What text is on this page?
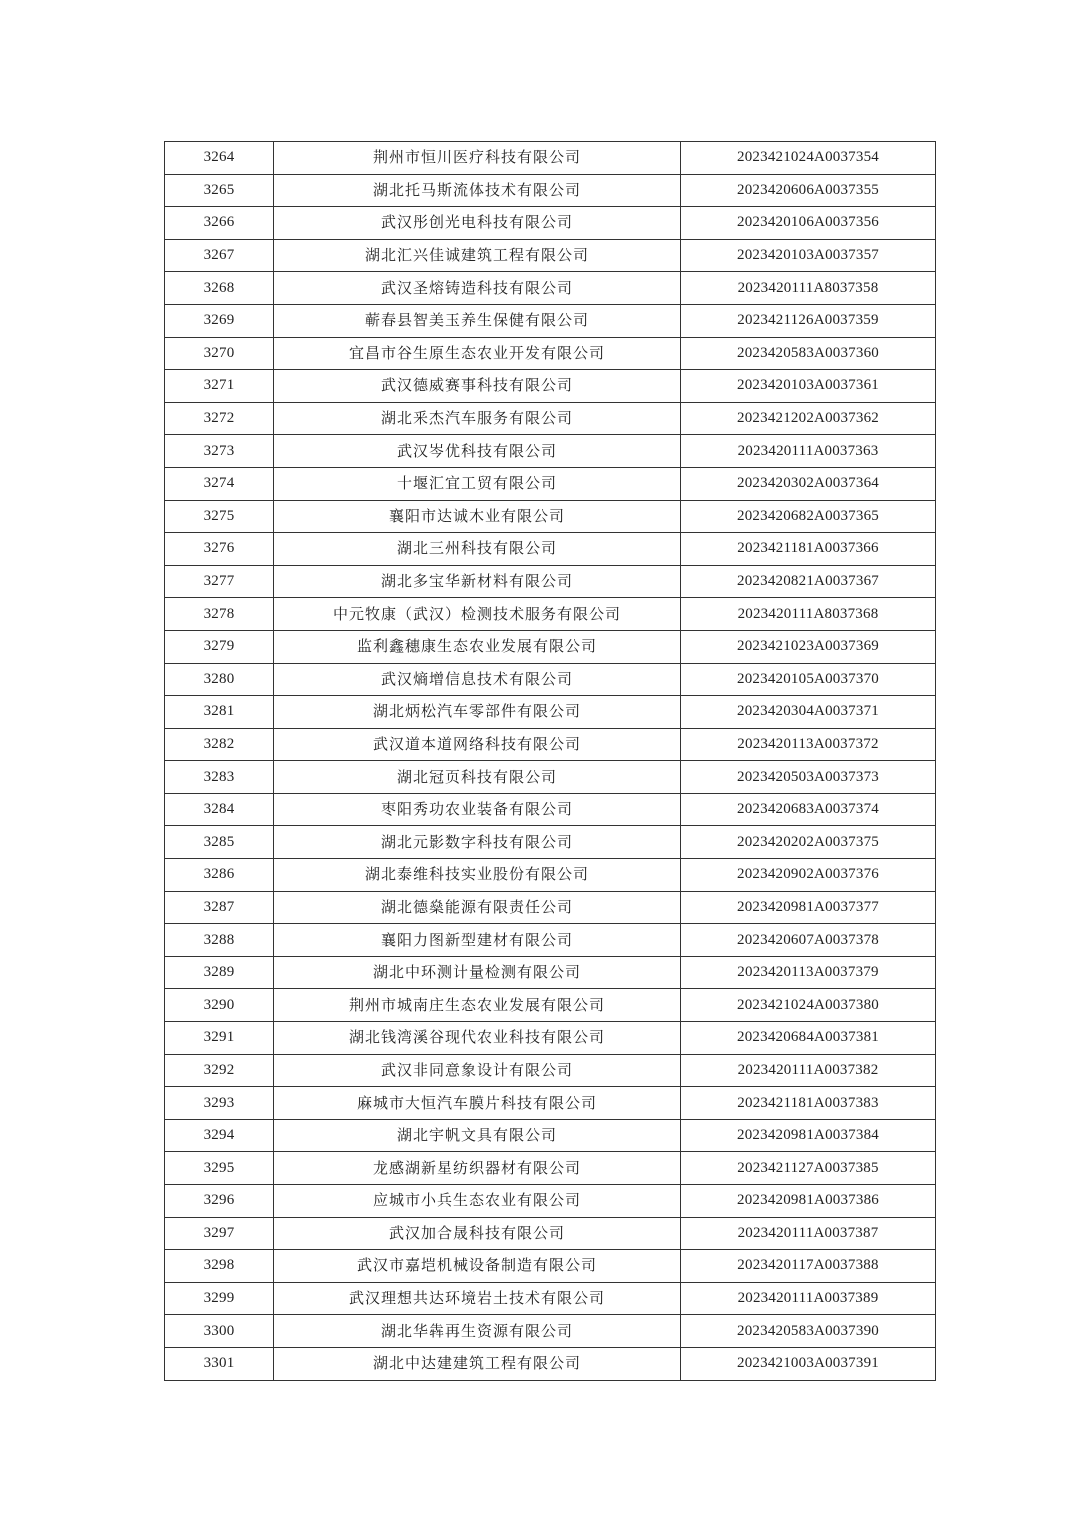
3264	荆州市恒川医疗科技有限公司	2023421024A0037354
3265	湖北托马斯流体技术有限公司	2023420606A0037355
3266	武汉彤创光电科技有限公司	2023420106A0037356
3267	湖北汇兴佳诚建筑工程有限公司	2023420103A0037357
3268	武汉圣熔铸造科技有限公司	2023420111A8037358
3269	蕲春县智美玉养生保健有限公司	2023421126A0037359
3270	宜昌市谷生原生态农业开发有限公司	2023420583A0037360
3271	武汉德威赛事科技有限公司	2023420103A0037361
3272	湖北釆杰汽车服务有限公司	2023421202A0037362
3273	武汉岑优科技有限公司	2023420111A0037363
3274	十堰汇宜工贸有限公司	2023420302A0037364
3275	襄阳市达诚木业有限公司	2023420682A0037365
3276	湖北三州科技有限公司	2023421181A0037366
3277	湖北多宝华新材料有限公司	2023420821A0037367
3278	中元牧康（武汉）检测技术服务有限公司	2023420111A8037368
3279	监利鑫穗康生态农业发展有限公司	2023421023A0037369
3280	武汉熵增信息技术有限公司	2023420105A0037370
3281	湖北炳松汽车零部件有限公司	2023420304A0037371
3282	武汉道本道网络科技有限公司	2023420113A0037372
3283	湖北冠页科技有限公司	2023420503A0037373
3284	枣阳秀功农业装备有限公司	2023420683A0037374
3285	湖北元影数字科技有限公司	2023420202A0037375
3286	湖北泰维科技实业股份有限公司	2023420902A0037376
3287	湖北德燊能源有限责任公司	2023420981A0037377
3288	襄阳力图新型建材有限公司	2023420607A0037378
3289	湖北中环测计量检测有限公司	2023420113A0037379
3290	荆州市城南庄生态农业发展有限公司	2023421024A0037380
3291	湖北钱湾溪谷现代农业科技有限公司	2023420684A0037381
3292	武汉非同意象设计有限公司	2023420111A0037382
3293	麻城市大恒汽车膜片科技有限公司	2023421181A0037383
3294	湖北宇帆文具有限公司	2023420981A0037384
3295	龙感湖新星纺织器材有限公司	2023421127A0037385
3296	应城市小兵生态农业有限公司	2023420981A0037386
3297	武汉加合晟科技有限公司	2023420111A0037387
3298	武汉市嘉垲机械设备制造有限公司	2023420117A0037388
3299	武汉理想共达环境岩土技术有限公司	2023420111A0037389
3300	湖北华犇再生资源有限公司	2023420583A0037390
3301	湖北中达建建筑工程有限公司	2023421003A0037391
